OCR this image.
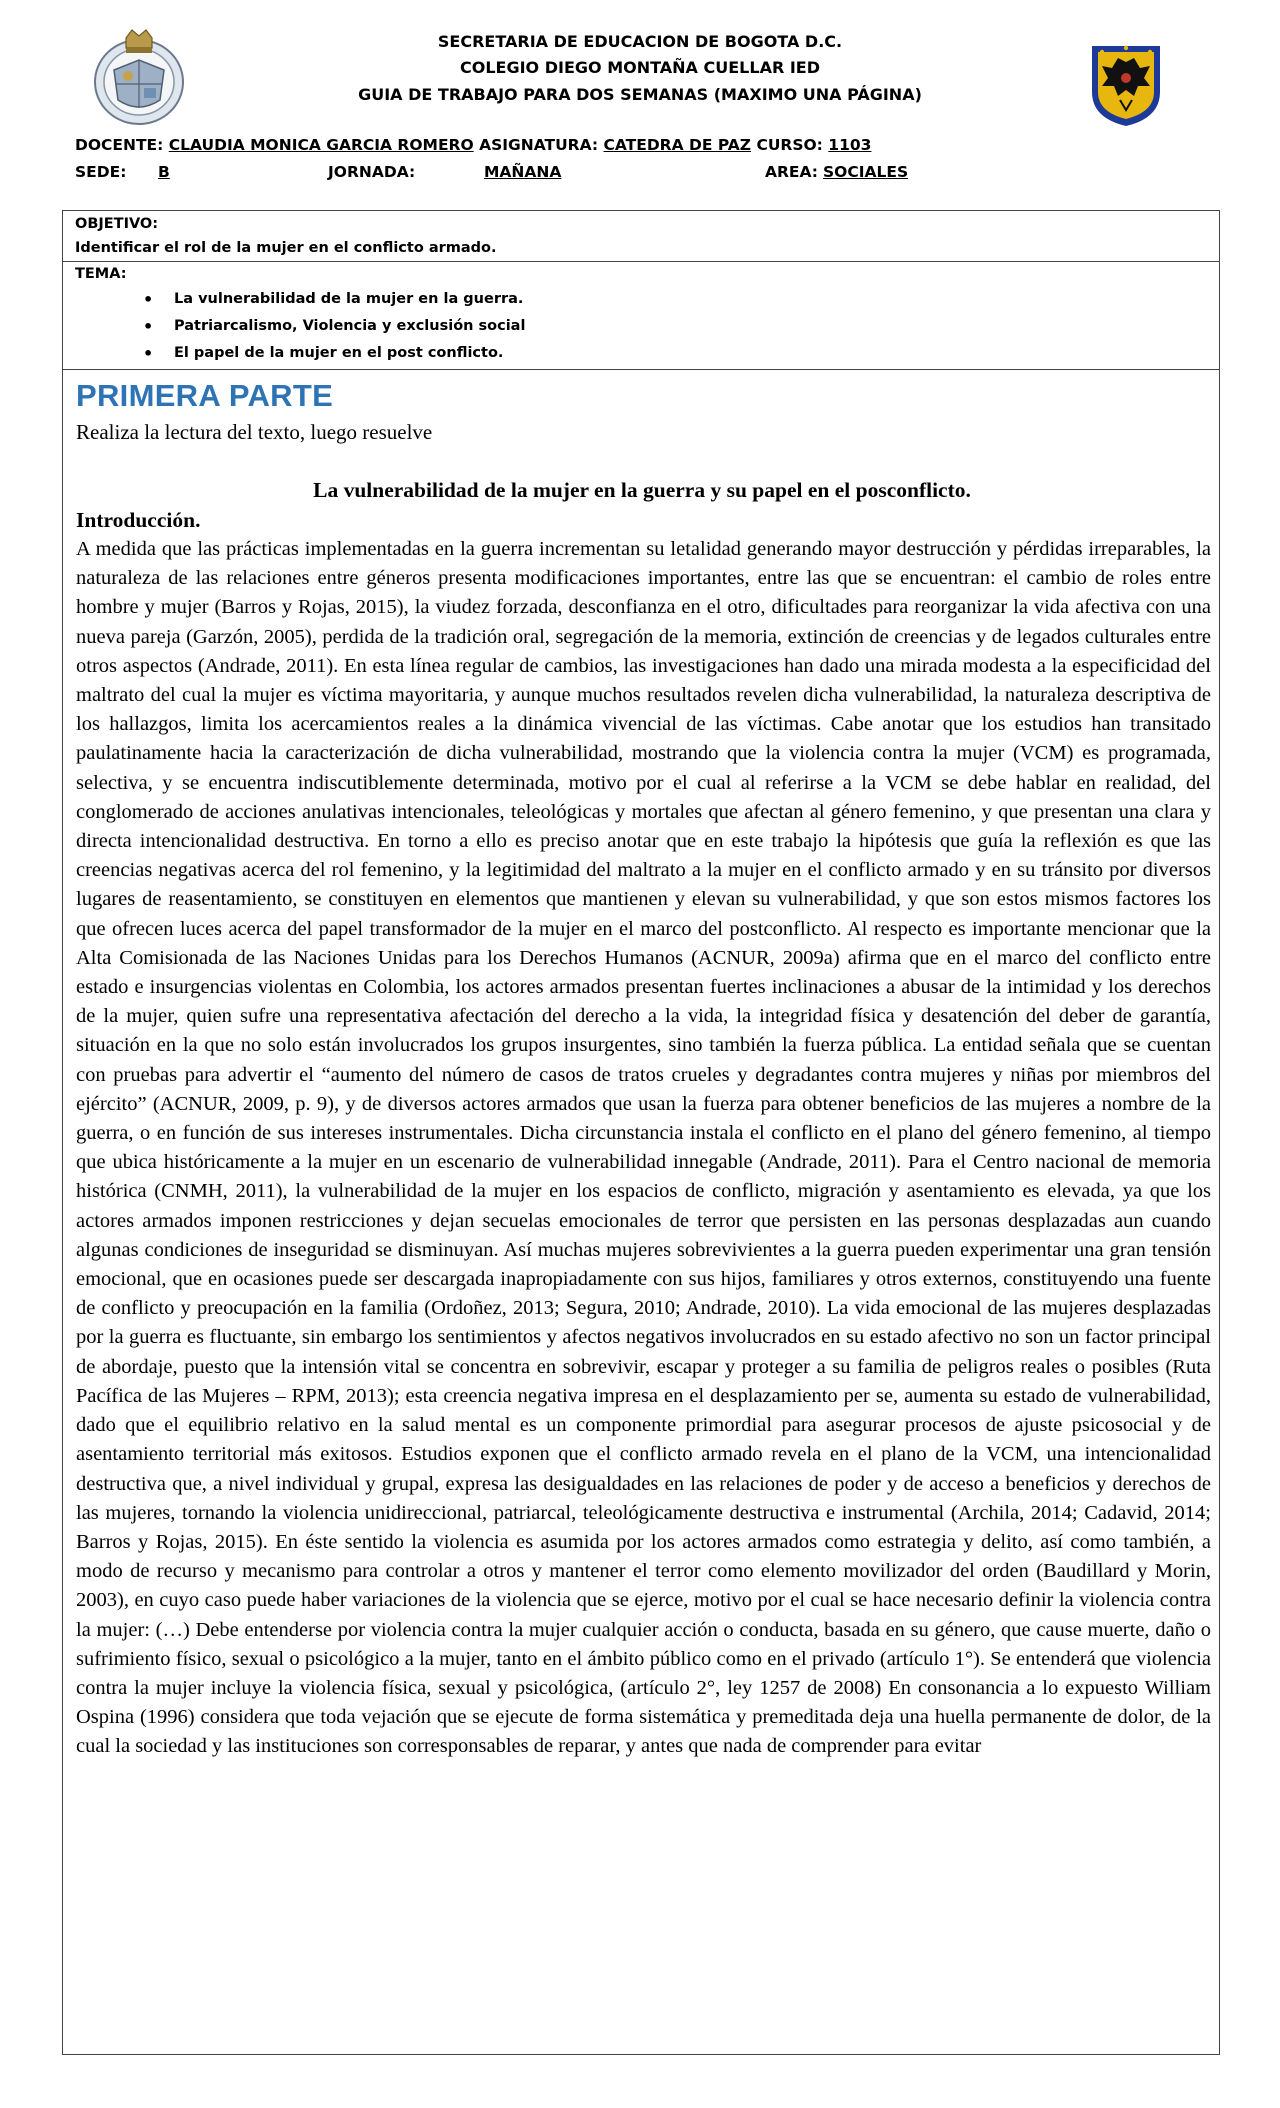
SECRETARIA DE EDUCACION DE BOGOTA D.C.
COLEGIO DIEGO MONTAÑA CUELLAR IED
GUIA DE TRABAJO PARA DOS SEMANAS (MAXIMO UNA PÁGINA)
DOCENTE: CLAUDIA MONICA GARCIA ROMERO ASIGNATURA: CATEDRA DE PAZ CURSO: 1103
SEDE: B	JORNADA:	MAÑANA	AREA: SOCIALES
OBJETIVO:
Identificar el rol de la mujer en el conflicto armado.
TEMA:
• La vulnerabilidad de la mujer en la guerra.
• Patriarcalismo, Violencia y exclusión social
• El papel de la mujer en el post conflicto.
PRIMERA PARTE
Realiza la lectura del texto, luego resuelve
La vulnerabilidad de la mujer en la guerra y su papel en el posconflicto.
Introducción.
A medida que las prácticas implementadas en la guerra incrementan su letalidad generando mayor destrucción y pérdidas irreparables, la naturaleza de las relaciones entre géneros presenta modificaciones importantes, entre las que se encuentran: el cambio de roles entre hombre y mujer (Barros y Rojas, 2015), la viudez forzada, desconfianza en el otro, dificultades para reorganizar la vida afectiva con una nueva pareja (Garzón, 2005), perdida de la tradición oral, segregación de la memoria, extinción de creencias y de legados culturales entre otros aspectos (Andrade, 2011). En esta línea regular de cambios, las investigaciones han dado una mirada modesta a la especificidad del maltrato del cual la mujer es víctima mayoritaria, y aunque muchos resultados revelen dicha vulnerabilidad, la naturaleza descriptiva de los hallazgos, limita los acercamientos reales a la dinámica vivencial de las víctimas. Cabe anotar que los estudios han transitado paulatinamente hacia la caracterización de dicha vulnerabilidad, mostrando que la violencia contra la mujer (VCM) es programada, selectiva, y se encuentra indiscutiblemente determinada, motivo por el cual al referirse a la VCM se debe hablar en realidad, del conglomerado de acciones anulativas intencionales, teleológicas y mortales que afectan al género femenino, y que presentan una clara y directa intencionalidad destructiva. En torno a ello es preciso anotar que en este trabajo la hipótesis que guía la reflexión es que las creencias negativas acerca del rol femenino, y la legitimidad del maltrato a la mujer en el conflicto armado y en su tránsito por diversos lugares de reasentamiento, se constituyen en elementos que mantienen y elevan su vulnerabilidad, y que son estos mismos factores los que ofrecen luces acerca del papel transformador de la mujer en el marco del postconflicto. Al respecto es importante mencionar que la Alta Comisionada de las Naciones Unidas para los Derechos Humanos (ACNUR, 2009a) afirma que en el marco del conflicto entre estado e insurgencias violentas en Colombia, los actores armados presentan fuertes inclinaciones a abusar de la intimidad y los derechos de la mujer, quien sufre una representativa afectación del derecho a la vida, la integridad física y desatención del deber de garantía, situación en la que no solo están involucrados los grupos insurgentes, sino también la fuerza pública. La entidad señala que se cuentan con pruebas para advertir el “aumento del número de casos de tratos crueles y degradantes contra mujeres y niñas por miembros del ejército” (ACNUR, 2009, p. 9), y de diversos actores armados que usan la fuerza para obtener beneficios de las mujeres a nombre de la guerra, o en función de sus intereses instrumentales. Dicha circunstancia instala el conflicto en el plano del género femenino, al tiempo que ubica históricamente a la mujer en un escenario de vulnerabilidad innegable (Andrade, 2011). Para el Centro nacional de memoria histórica (CNMH, 2011), la vulnerabilidad de la mujer en los espacios de conflicto, migración y asentamiento es elevada, ya que los actores armados imponen restricciones y dejan secuelas emocionales de terror que persisten en las personas desplazadas aun cuando algunas condiciones de inseguridad se disminuyan. Así muchas mujeres sobrevivientes a la guerra pueden experimentar una gran tensión emocional, que en ocasiones puede ser descargada inapropiadamente con sus hijos, familiares y otros externos, constituyendo una fuente de conflicto y preocupación en la familia (Ordoñez, 2013; Segura, 2010; Andrade, 2010). La vida emocional de las mujeres desplazadas por la guerra es fluctuante, sin embargo los sentimientos y afectos negativos involucrados en su estado afectivo no son un factor principal de abordaje, puesto que la intensión vital se concentra en sobrevivir, escapar y proteger a su familia de peligros reales o posibles (Ruta Pacífica de las Mujeres – RPM, 2013); esta creencia negativa impresa en el desplazamiento per se, aumenta su estado de vulnerabilidad, dado que el equilibrio relativo en la salud mental es un componente primordial para asegurar procesos de ajuste psicosocial y de asentamiento territorial más exitosos. Estudios exponen que el conflicto armado revela en el plano de la VCM, una intencionalidad destructiva que, a nivel individual y grupal, expresa las desigualdades en las relaciones de poder y de acceso a beneficios y derechos de las mujeres, tornando la violencia unidireccional, patriarcal, teleológicamente destructiva e instrumental (Archila, 2014; Cadavid, 2014; Barros y Rojas, 2015). En éste sentido la violencia es asumida por los actores armados como estrategia y delito, así como también, a modo de recurso y mecanismo para controlar a otros y mantener el terror como elemento movilizador del orden (Baudillard y Morin, 2003), en cuyo caso puede haber variaciones de la violencia que se ejerce, motivo por el cual se hace necesario definir la violencia contra la mujer: (…) Debe entenderse por violencia contra la mujer cualquier acción o conducta, basada en su género, que cause muerte, daño o sufrimiento físico, sexual o psicológico a la mujer, tanto en el ámbito público como en el privado (artículo 1°). Se entenderá que violencia contra la mujer incluye la violencia física, sexual y psicológica, (artículo 2°, ley 1257 de 2008) En consonancia a lo expuesto William Ospina (1996) considera que toda vejación que se ejecute de forma sistemática y premeditada deja una huella permanente de dolor, de la cual la sociedad y las instituciones son corresponsables de reparar, y antes que nada de comprender para evitar
